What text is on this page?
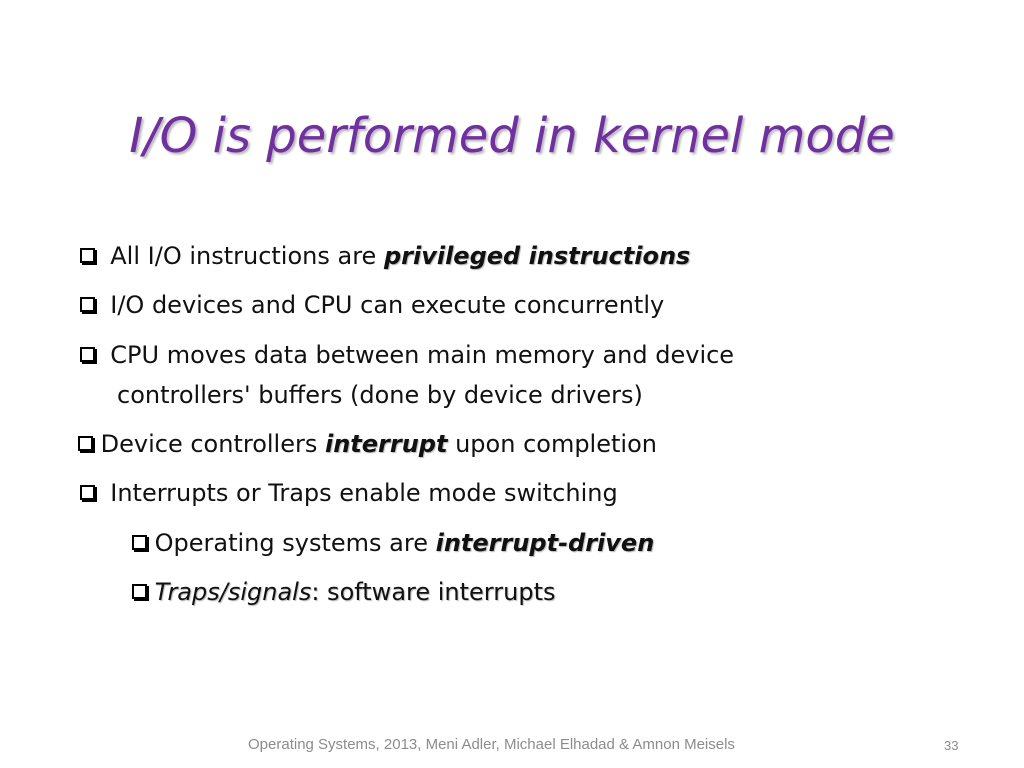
I/O is performed in kernel mode
All I/O instructions are privileged instructions
I/O devices and CPU can execute concurrently
CPU moves data between main memory and device
controllers' buffers (done by device drivers)
Device controllers interrupt upon completion
Interrupts or Traps enable mode switching
Operating systems are interrupt-driven
Traps/signals: software interrupts
Operating Systems, 2013, Meni Adler, Michael Elhadad & Amnon Meisels	33
